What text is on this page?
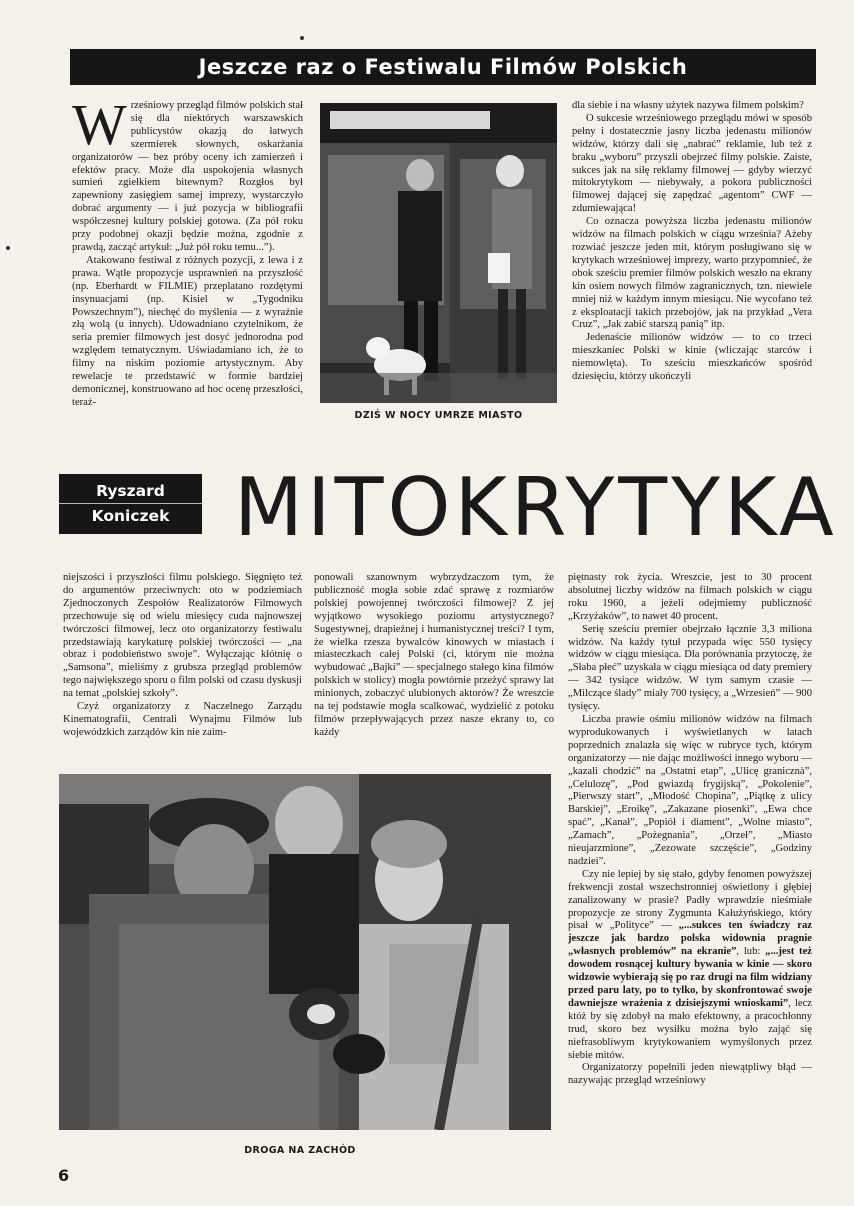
Jeszcze raz o Festiwalu Filmów Polskich

Wrześniowy przegląd filmów polskich stał się dla niektórych warszawskich publicystów okazją do łatwych szermierek słownych, oskarżania organizatorów — bez próby oceny ich zamierzeń i efektów pracy. Może dla uspokojenia własnych sumień zgiełkiem bitewnym? Rozgłos był zapewniony zasięgiem samej imprezy, wystarczyło dobrać argumenty — i już pozycja w bibliografii współczesnej kultury polskiej gotowa. (Za pół roku przy podobnej okazji będzie można, zgodnie z prawdą, zacząć artykuł: „Już pół roku temu...”).

Atakowano festiwal z różnych pozycji, z lewa i z prawa. Wątłe propozycje usprawnień na przyszłość (np. Eberhardt w FILMIE) przeplatano rozdętymi insynuacjami (np. Kisiel w „Tygodniku Powszechnym”), niechęć do myślenia — z wyraźnie złą wolą (u innych). Udowadniano czytelnikom, że seria premier filmowych jest dosyć jednorodna pod względem tematycznym. Uświadamiano ich, że to filmy na niskim poziomie artystycznym. Aby rewelacje te przedstawić w formie bardziej demonicznej, konstruowano ad hoc ocenę przeszłości, teraź-

DZIŚ W NOCY UMRZE MIASTO

dla siebie i na własny użytek nazywa filmem polskim?

O sukcesie wrześniowego przeglądu mówi w sposób pełny i dostatecznie jasny liczba jedenastu milionów widzów, którzy dali się „nabrać” reklamie, lub też z braku „wyboru” przyszli obejrzeć filmy polskie. Zaiste, sukces jak na siłę reklamy filmowej — gdyby wierzyć mitokrytykom — niebywały, a pokora publiczności filmowej dającej się zapędzać „agentom” CWF — zdumiewająca!

Co oznacza powyższa liczba jedenastu milionów widzów na filmach polskich w ciągu września? Ażeby rozwiać jeszcze jeden mit, którym posługiwano się w krytykach wrześniowej imprezy, warto przypomnieć, że obok sześciu premier filmów polskich weszło na ekrany kin osiem nowych filmów zagranicznych, tzn. niewiele mniej niż w każdym innym miesiącu. Nie wycofano też z eksploatacji takich przebojów, jak na przykład „Vera Cruz”, „Jak zabić starszą panią” itp.

Jedenaście milionów widzów — to co trzeci mieszkaniec Polski w kinie (wliczając starców i niemowlęta). To sześciu mieszkańców spośród dziesięciu, którzy ukończyli

Ryszard
Koniczek MITOKRYTYKA

niejszości i przyszłości filmu polskiego. Sięgnięto też do argumentów przeciwnych: oto w podziemiach Zjednoczonych Zespołów Realizatorów Filmowych przechowuje się od wielu miesięcy cuda najnowszej twórczości filmowej, lecz oto organizatorzy festiwalu przedstawiają karykaturę polskiej twórczości — „na obraz i podobieństwo swoje”. Wyłączając kłótnię o „Samsona”, mieliśmy z grubsza przegląd problemów tego największego sporu o film polski od czasu dyskusji na temat „polskiej szkoły”.

Czyż organizatorzy z Naczelnego Zarządu Kinematografii, Centrali Wynajmu Filmów lub wojewódzkich zarządów kin nie zaim-

ponowali szanownym wybrzydzaczom tym, że publiczność mogła sobie zdać sprawę z rozmiarów polskiej powojennej twórczości filmowej? Z jej wyjątkowo wysokiego poziomu artystycznego? Sugestywnej, drapieżnej i humanistycznej treści? I tym, że wielka rzesza bywalców kinowych w miastach i miasteczkach całej Polski (ci, którym nie można wybudować „Bajki” — specjalnego stałego kina filmów polskich w stolicy) mogła powtórnie przeżyć sprawy lat minionych, zobaczyć ulubionych aktorów? Że wreszcie na tej podstawie mogła scalkować, wydzielić z potoku filmów przepływających przez nasze ekrany to, co każdy

DROGA NA ZACHÓD

piętnasty rok życia. Wreszcie, jest to 30 procent absolutnej liczby widzów na filmach polskich w ciągu roku 1960, a jeżeli odejmiemy publiczność „Krzyżaków”, to nawet 40 procent.

Serię sześciu premier obejrzało łącznie 3,3 miliona widzów. Na każdy tytuł przypada więc 550 tysięcy widzów w ciągu miesiąca. Dla porównania przytoczę, że „Słaba płeć” uzyskała w ciągu miesiąca od daty premiery — 342 tysiące widzów. W tym samym czasie — „Milczące ślady” miały 700 tysięcy, a „Wrzesień” — 900 tysięcy.

Liczba prawie ośmiu milionów widzów na filmach wyprodukowanych i wyświetlanych w latach poprzednich znalazła się więc w rubryce tych, którym organizatorzy — nie dając możliwości innego wyboru — „kazali chodzić” na „Ostatni etap”, „Ulicę granicznà”, „Celulozę”, „Pod gwiazdą frygijską”, „Pokolenie”, „Pierwszy start”, „Młodość Chopina”, „Piątkę z ulicy Barskiej”, „Eroikę”, „Zakazane piosenki”, „Ewa chce spać”, „Kanał”, „Popiół i diament”, „Wolne miasto”, „Zamach”, „Pożegnania”, „Orzeł”, „Miasto nieujarzmione”, „Zezowate szczęście”, „Godziny nadziei”.

Czy nie lepiej by się stało, gdyby fenomen powyższej frekwencji został wszechstronniej oświetlony i głębiej zanalizowany w prasie? Padły wprawdzie nieśmiałe propozycje ze strony Zygmunta Kałużyńskiego, który pisał w „Polityce” — „...sukces ten świadczy raz jeszcze jak bardzo polska widownia pragnie „własnych problemów” na ekranie”, lub: „...jest też dowodem rosnącej kultury bywania w kinie — skoro widzowie wybierają się po raz drugi na film widziany przed paru laty, po to tylko, by skonfrontować swoje dawniejsze wrażenia z dzisiejszymi wnioskami”, lecz któż by się zdobył na mało efektowny, a pracochłonny trud, skoro bez wysiłku można było zająć się niefrasobliwym krytykowaniem wymyślonych przez siebie mitów.

Organizatorzy popełnili jeden niewątpliwy błąd — nazywając przegląd wrześniowy

6
